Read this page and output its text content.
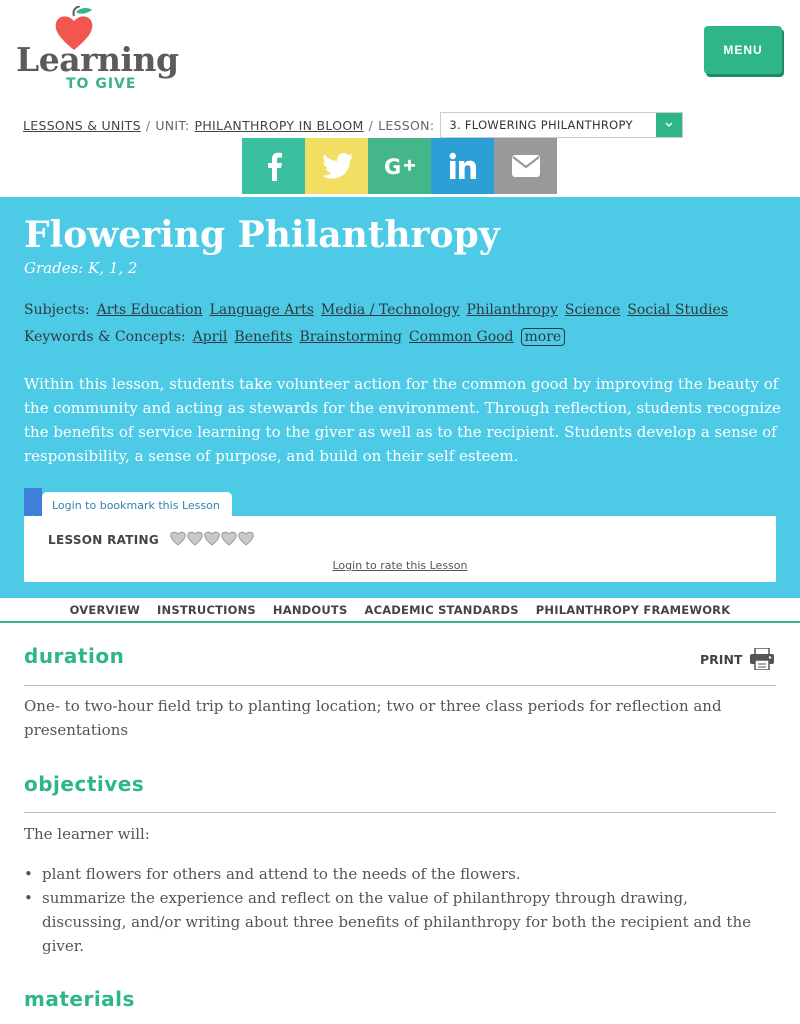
Learning
TO GIVE
MENU
LESSONS & UNITS / UNIT: PHILANTHROPY IN BLOOM / LESSON:	3. FLOWERING PHILANTHROPY
G
Flowering Philanthropy
Grades: K, 1, 2
Subjects: Arts Education Language Arts Media / Technology Philanthropy Science Social Studies
Keywords & Concepts: April Benefits Brainstorming Common Good more

Within this lesson, students take volunteer action for the common good by improving the beauty of the community and acting as stewards for the environment. Through reflection, students recognize the benefits of service learning to the giver as well as to the recipient. Students develop a sense of responsibility, a sense of purpose, and build on their self esteem.

Login to bookmark this Lesson
LESSON RATING
Login to rate this Lesson
OVERVIEW INSTRUCTIONS HANDOUTS ACADEMIC STANDARDS PHILANTHROPY FRAMEWORK
duration	PRINT

One- to two-hour field trip to planting location; two or three class periods for reflection and presentations

objectives

The learner will:

• plant flowers for others and attend to the needs of the flowers.
• summarize the experience and reflect on the value of philanthropy through drawing, discussing, and/or writing about three benefits of philanthropy for both the recipient and the giver.
materials
